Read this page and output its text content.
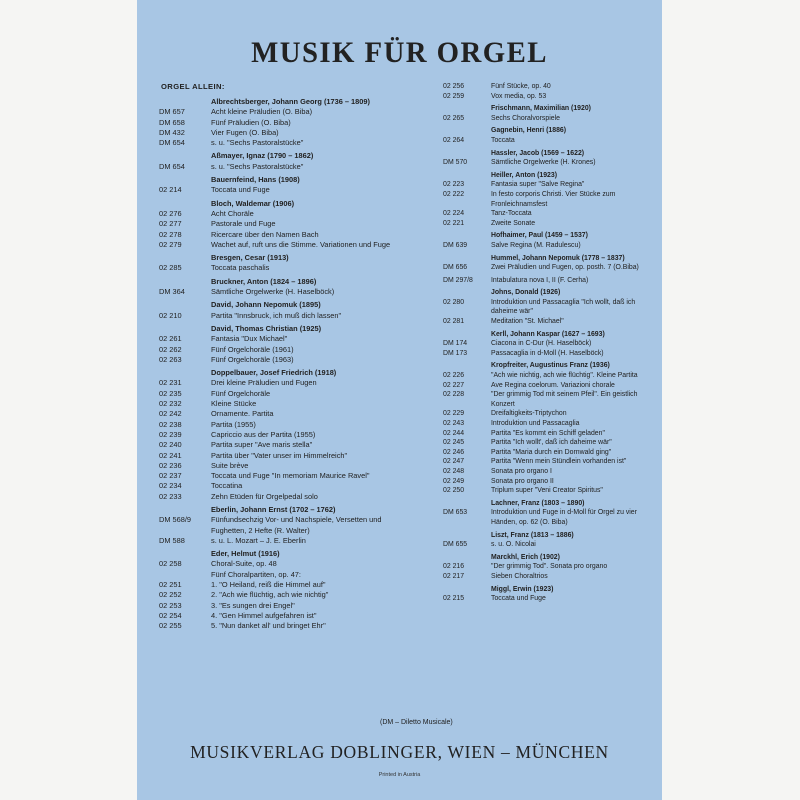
MUSIK FÜR ORGEL
ORGEL ALLEIN:
Albrechtsberger, Johann Georg (1736 – 1809)
DM 657	Acht kleine Präludien (O. Biba)
DM 658	Fünf Präludien (O. Biba)
DM 432	Vier Fugen (O. Biba)
DM 654	s. u. "Sechs Pastoralstücke"
Aßmayer, Ignaz (1790 – 1862)
DM 654	s. u. "Sechs Pastoralstücke"
Bauernfeind, Hans (1908)
02 214	Toccata und Fuge
Bloch, Waldemar (1906)
02 276	Acht Choräle
02 277	Pastorale und Fuge
02 278	Ricercare über den Namen Bach
02 279	Wachet auf, ruft uns die Stimme. Variationen und Fuge
Bresgen, Cesar (1913)
02 285	Toccata paschalis
Bruckner, Anton (1824 – 1896)
DM 364	Sämtliche Orgelwerke (H. Haselböck)
David, Johann Nepomuk (1895)
02 210	Partita "Innsbruck, ich muß dich lassen"
David, Thomas Christian (1925)
02 261	Fantasia "Dux Michael"
02 262	Fünf Orgelchoräle (1961)
02 263	Fünf Orgelchoräle (1963)
Doppelbauer, Josef Friedrich (1918)
02 231	Drei kleine Präludien und Fugen
02 235	Fünf Orgelchoräle
02 232	Kleine Stücke
02 242	Ornamente. Partita
02 238	Partita (1955)
02 239	Capriccio aus der Partita (1955)
02 240	Partita super "Ave maris stella"
02 241	Partita über "Vater unser im Himmelreich"
02 236	Suite brève
02 237	Toccata und Fuge "In memoriam Maurice Ravel"
02 234	Toccatina
02 233	Zehn Etüden für Orgelpedal solo
Eberlin, Johann Ernst (1702 – 1762)
DM 568/9	Fünfundsechzig Vor- und Nachspiele, Versetten und Fughetten, 2 Hefte (R. Walter)
DM 588	s. u. L. Mozart – J. E. Eberlin
Eder, Helmut (1916)
02 258	Choral-Suite, op. 48
Fünf Choralpartiten, op. 47:
02 251	1. "O Heiland, reiß die Himmel auf"
02 252	2. "Ach wie flüchtig, ach wie nichtig"
02 253	3. "Es sungen drei Engel"
02 254	4. "Gen Himmel aufgefahren ist"
02 255	5. "Nun danket all' und bringet Ehr"
02 256	Fünf Stücke, op. 40
02 259	Vox media, op. 53
Frischmann, Maximilian (1920)
02 265	Sechs Choralvorspiele
Gagnebin, Henri (1886)
02 264	Toccata
Hassler, Jacob (1569 – 1622)
DM 570	Sämtliche Orgelwerke (H. Krones)
Heiller, Anton (1923)
02 223	Fantasia super "Salve Regina"
02 222	In festo corporis Christi. Vier Stücke zum Fronleichnamsfest
02 224	Tanz-Toccata
02 221	Zweite Sonate
Hofhaimer, Paul (1459 – 1537)
DM 639	Salve Regina (M. Radulescu)
Hummel, Johann Nepomuk (1778 – 1837)
DM 656	Zwei Präludien und Fugen, op. posth. 7 (O.Biba)
DM 297/8	Intabulatura nova I, II (F. Cerha)
Johns, Donald (1926)
02 280	Introduktion und Passacaglia "Ich wollt, daß ich daheime wär"
02 281	Meditation "St. Michael"
Kerll, Johann Kaspar (1627 – 1693)
DM 174	Ciacona in C-Dur (H. Haselböck)
DM 173	Passacaglia in d-Moll (H. Haselböck)
Kropfreiter, Augustinus Franz (1936)
02 226	"Ach wie nichtig, ach wie flüchtig". Kleine Partita
02 227	Ave Regina coelorum. Variazioni chorale
02 228	"Der grimmig Tod mit seinem Pfeil". Ein geistlich Konzert
02 229	Dreifaltigkeits-Triptychon
02 243	Introduktion und Passacaglia
02 244	Partita "Es kommt ein Schiff geladen"
02 245	Partita "Ich wollt', daß ich daheime wär"
02 246	Partita "Maria durch ein Dornwald ging"
02 247	Partita "Wenn mein Stündlein vorhanden ist"
02 248	Sonata pro organo I
02 249	Sonata pro organo II
02 250	Triplum super "Veni Creator Spiritus"
Lachner, Franz (1803 – 1890)
DM 653	Introduktion und Fuge in d-Moll für Orgel zu vier Händen, op. 62 (O. Biba)
Liszt, Franz (1813 – 1886)
DM 655	s. u. O. Nicolai
Marckhl, Erich (1902)
02 216	"Der grimmig Tod". Sonata pro organo
02 217	Sieben Choraltrios
Miggl, Erwin (1923)
02 215	Toccata und Fuge
(DM – Diletto Musicale)
MUSIKVERLAG DOBLINGER, WIEN – MÜNCHEN
Printed in Austria
